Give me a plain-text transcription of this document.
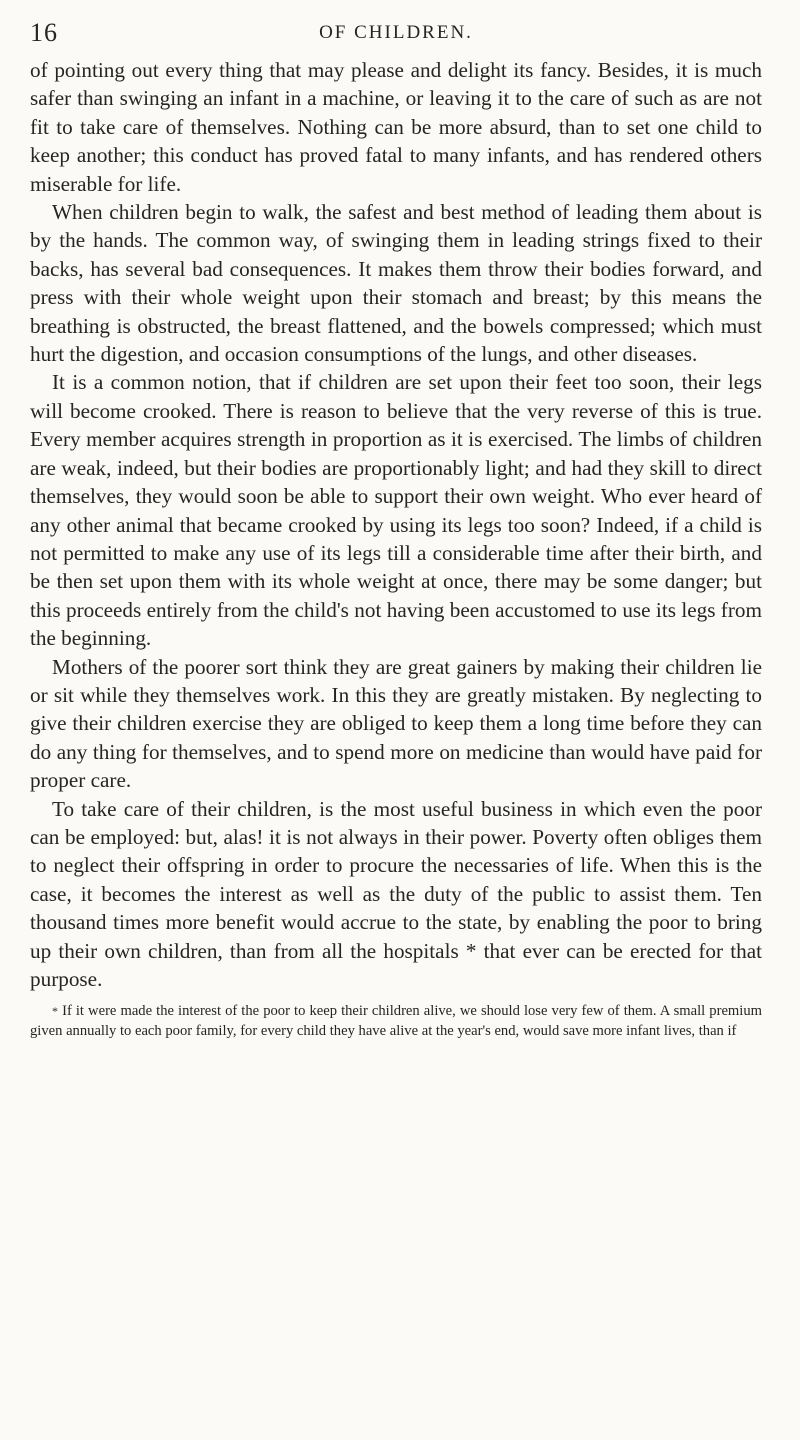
16	OF CHILDREN.

of pointing out every thing that may please and delight its fancy. Besides, it is much safer than swinging an infant in a machine, or leaving it to the care of such as are not fit to take care of themselves. Nothing can be more absurd, than to set one child to keep another; this conduct has proved fatal to many infants, and has rendered others miserable for life.

When children begin to walk, the safest and best method of leading them about is by the hands. The common way, of swinging them in leading strings fixed to their backs, has several bad consequences. It makes them throw their bodies forward, and press with their whole weight upon their stomach and breast; by this means the breathing is obstructed, the breast flattened, and the bowels compressed; which must hurt the digestion, and occasion consumptions of the lungs, and other diseases.

It is a common notion, that if children are set upon their feet too soon, their legs will become crooked. There is reason to believe that the very reverse of this is true. Every member acquires strength in proportion as it is exercised. The limbs of children are weak, indeed, but their bodies are proportionably light; and had they skill to direct themselves, they would soon be able to support their own weight. Who ever heard of any other animal that became crooked by using its legs too soon? Indeed, if a child is not permitted to make any use of its legs till a considerable time after their birth, and be then set upon them with its whole weight at once, there may be some danger; but this proceeds entirely from the child's not having been accustomed to use its legs from the beginning.

Mothers of the poorer sort think they are great gainers by making their children lie or sit while they themselves work. In this they are greatly mistaken. By neglecting to give their children exercise they are obliged to keep them a long time before they can do any thing for themselves, and to spend more on medicine than would have paid for proper care.

To take care of their children, is the most useful business in which even the poor can be employed: but, alas! it is not always in their power. Poverty often obliges them to neglect their offspring in order to procure the necessaries of life. When this is the case, it becomes the interest as well as the duty of the public to assist them. Ten thousand times more benefit would accrue to the state, by enabling the poor to bring up their own children, than from all the hospitals * that ever can be erected for that purpose.

* If it were made the interest of the poor to keep their children alive, we should lose very few of them. A small premium given annually to each poor family, for every child they have alive at the year's end, would save more infant lives, than if
